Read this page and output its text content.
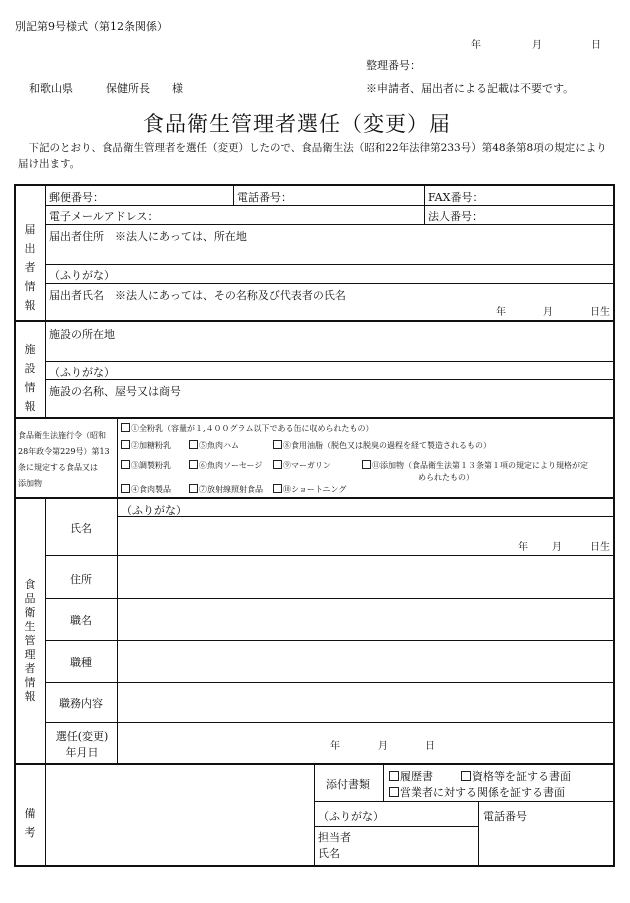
別記第9号様式（第12条関係）
年	月	日
整理番号：
和歌山県　　　保健所長　　様	※申請者、届出者による記載は不要です。
食品衛生管理者選任（変更）届
　下記のとおり、食品衛生管理者を選任（変更）したので、食品衛生法（昭和22年法律第233号）第48条第8項の規定により届け出ます。
届出者情報
郵便番号：	電話番号：	FAX番号：
電子メールアドレス：	法人番号：
届出者住所　※法人にあっては、所在地
（ふりがな）
届出者氏名　※法人にあっては、その名称及び代表者の氏名
年	月	日生
施設情報
施設の所在地
（ふりがな）
施設の名称、屋号又は商号
食品衛生法施行令（昭和
28年政令第229号）第13
条に規定する食品又は
添加物
①全粉乳（容量が１,４００グラム以下である缶に収められたもの）
②加糖粉乳	⑤魚肉ハム	⑧食用油脂（脱色又は脱臭の過程を経て製造されるもの）
③調製粉乳	⑥魚肉ソーセージ	⑨マーガリン	⑪添加物（食品衛生法第１３条第１項の規定により規格が定
められたもの）
④食肉製品	⑦放射線照射食品	⑩ショートニング
食品衛生管理者情報
（ふりがな）
氏名
年 月	日生
住所
職名
職種
職務内容
選任(変更)
年月日	年	月	日
備考
添付書類
履歴書	資格等を証する書面
営業者に対する関係を証する書面
（ふりがな）	電話番号
担当者
氏名
